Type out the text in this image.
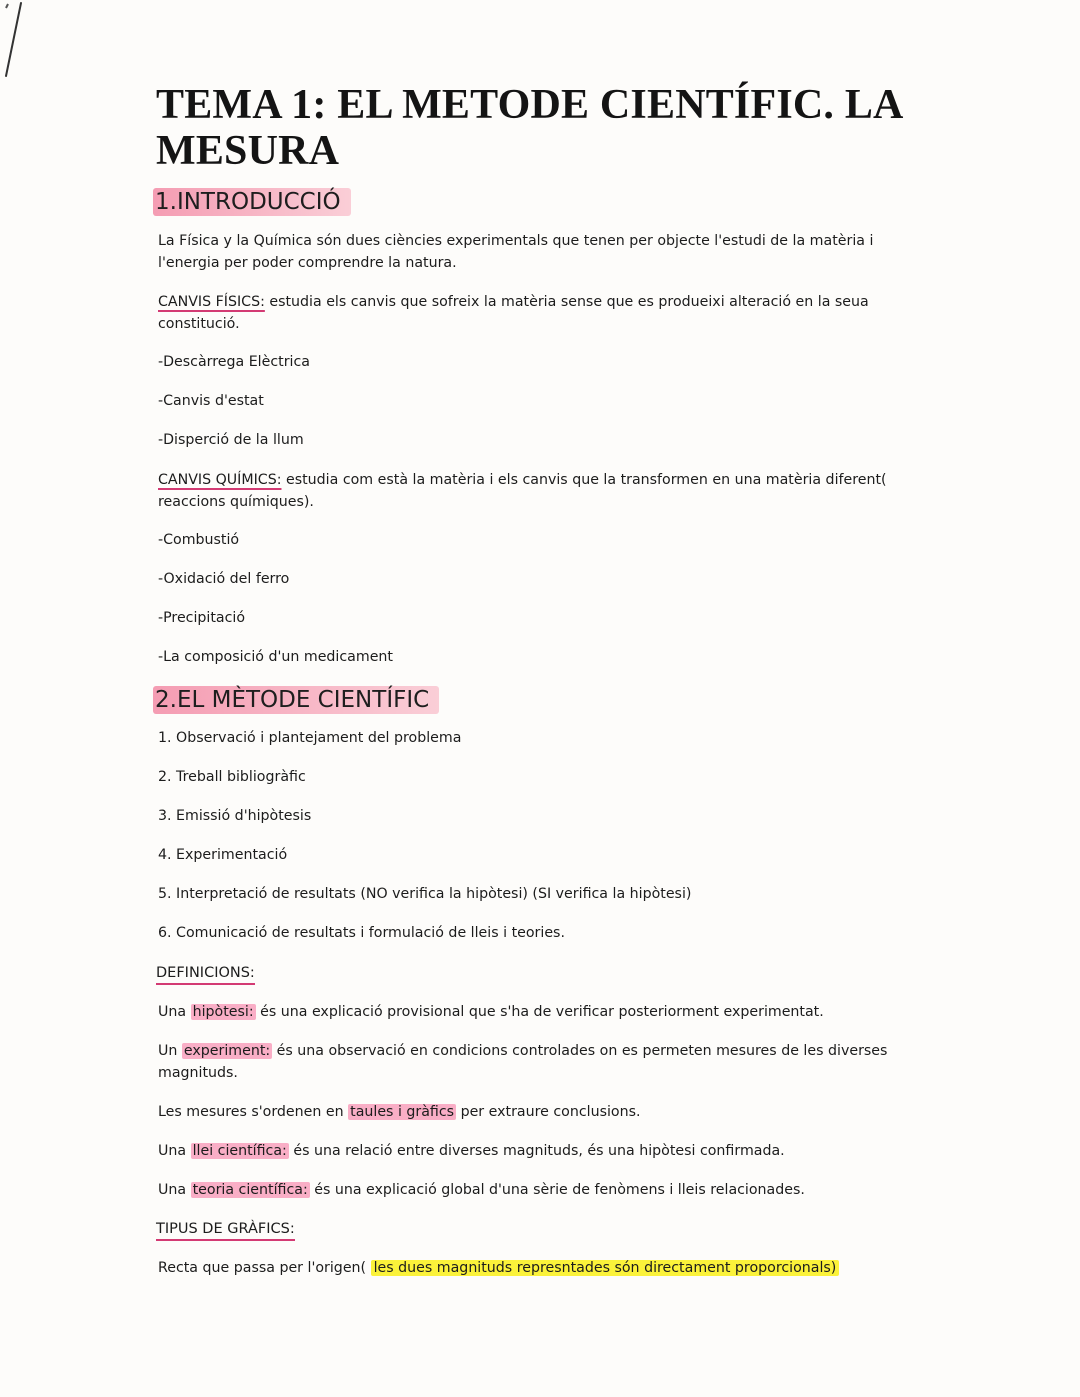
TEMA 1: EL METODE CIENTÍFIC. LA MESURA
1.INTRODUCCIÓ

La Física y la Química són dues ciències experimentals que tenen per objecte l'estudi de la matèria i l'energia per poder comprendre la natura.

CANVIS FÍSICS: estudia els canvis que sofreix la matèria sense que es produeixi alteració en la seua constitució.

-Descàrrega Elèctrica
-Canvis d'estat
-Disperció de la llum

CANVIS QUÍMICS: estudia com està la matèria i els canvis que la transformen en una matèria diferent( reaccions químiques).

-Combustió
-Oxidació del ferro
-Precipitació
-La composició d'un medicament
2.EL MÈTODE CIENTÍFIC
1. Observació i plantejament del problema
2. Treball bibliogràfic
3. Emissió d'hipòtesis
4. Experimentació
5. Interpretació de resultats (NO verifica la hipòtesi) (SI verifica la hipòtesi)
6. Comunicació de resultats i formulació de lleis i teories.
DEFINICIONS:

Una hipòtesi: és una explicació provisional que s'ha de verificar posteriorment experimentat.

Un experiment: és una observació en condicions controlades on es permeten mesures de les diverses magnituds.

Les mesures s'ordenen en taules i gràfics per extraure conclusions.

Una llei científica: és una relació entre diverses magnituds, és una hipòtesi confirmada.

Una teoria científica: és una explicació global d'una sèrie de fenòmens i lleis relacionades.

TIPUS DE GRÀFICS:

Recta que passa per l'origen( les dues magnituds represntades són directament proporcionals)
